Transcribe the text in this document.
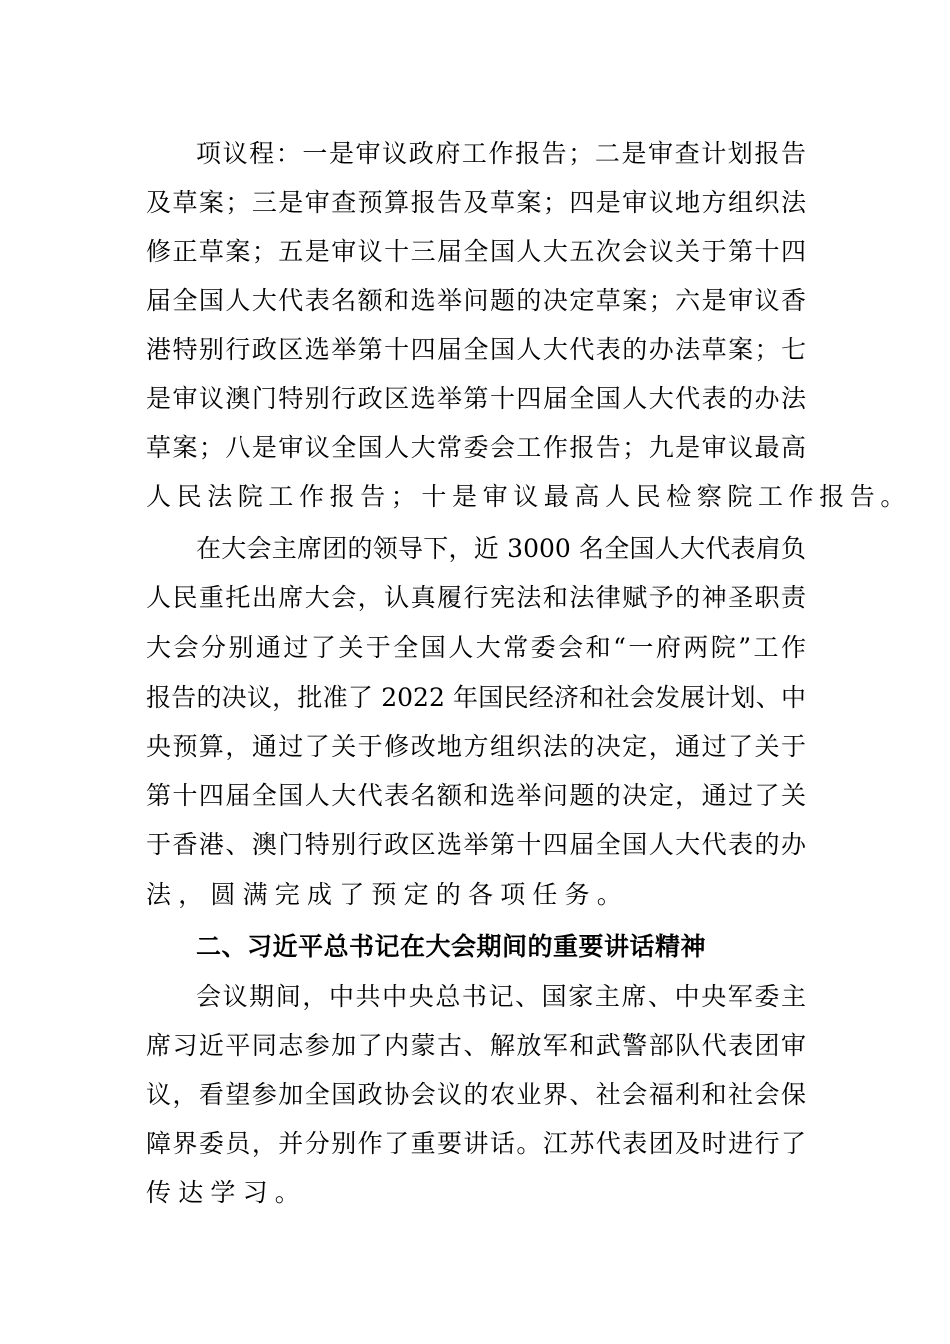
项议程：一是审议政府工作报告；二是审查计划报告
及草案；三是审查预算报告及草案；四是审议地方组织法
修正草案；五是审议十三届全国人大五次会议关于第十四
届全国人大代表名额和选举问题的决定草案；六是审议香
港特别行政区选举第十四届全国人大代表的办法草案；七
是审议澳门特别行政区选举第十四届全国人大代表的办法
草案；八是审议全国人大常委会工作报告；九是审议最高
人民法院工作报告；十是审议最高人民检察院工作报告。
在大会主席团的领导下，近 3000 名全国人大代表肩负
人民重托出席大会，认真履行宪法和法律赋予的神圣职责
大会分别通过了关于全国人大常委会和“一府两院”工作
报告的决议，批准了 2022 年国民经济和社会发展计划、中
央预算，通过了关于修改地方组织法的决定，通过了关于
第十四届全国人大代表名额和选举问题的决定，通过了关
于香港、澳门特别行政区选举第十四届全国人大代表的办
法，圆满完成了预定的各项任务。
二、习近平总书记在大会期间的重要讲话精神
会议期间，中共中央总书记、国家主席、中央军委主
席习近平同志参加了内蒙古、解放军和武警部队代表团审
议，看望参加全国政协会议的农业界、社会福利和社会保
障界委员，并分别作了重要讲话。江苏代表团及时进行了
传达学习。
